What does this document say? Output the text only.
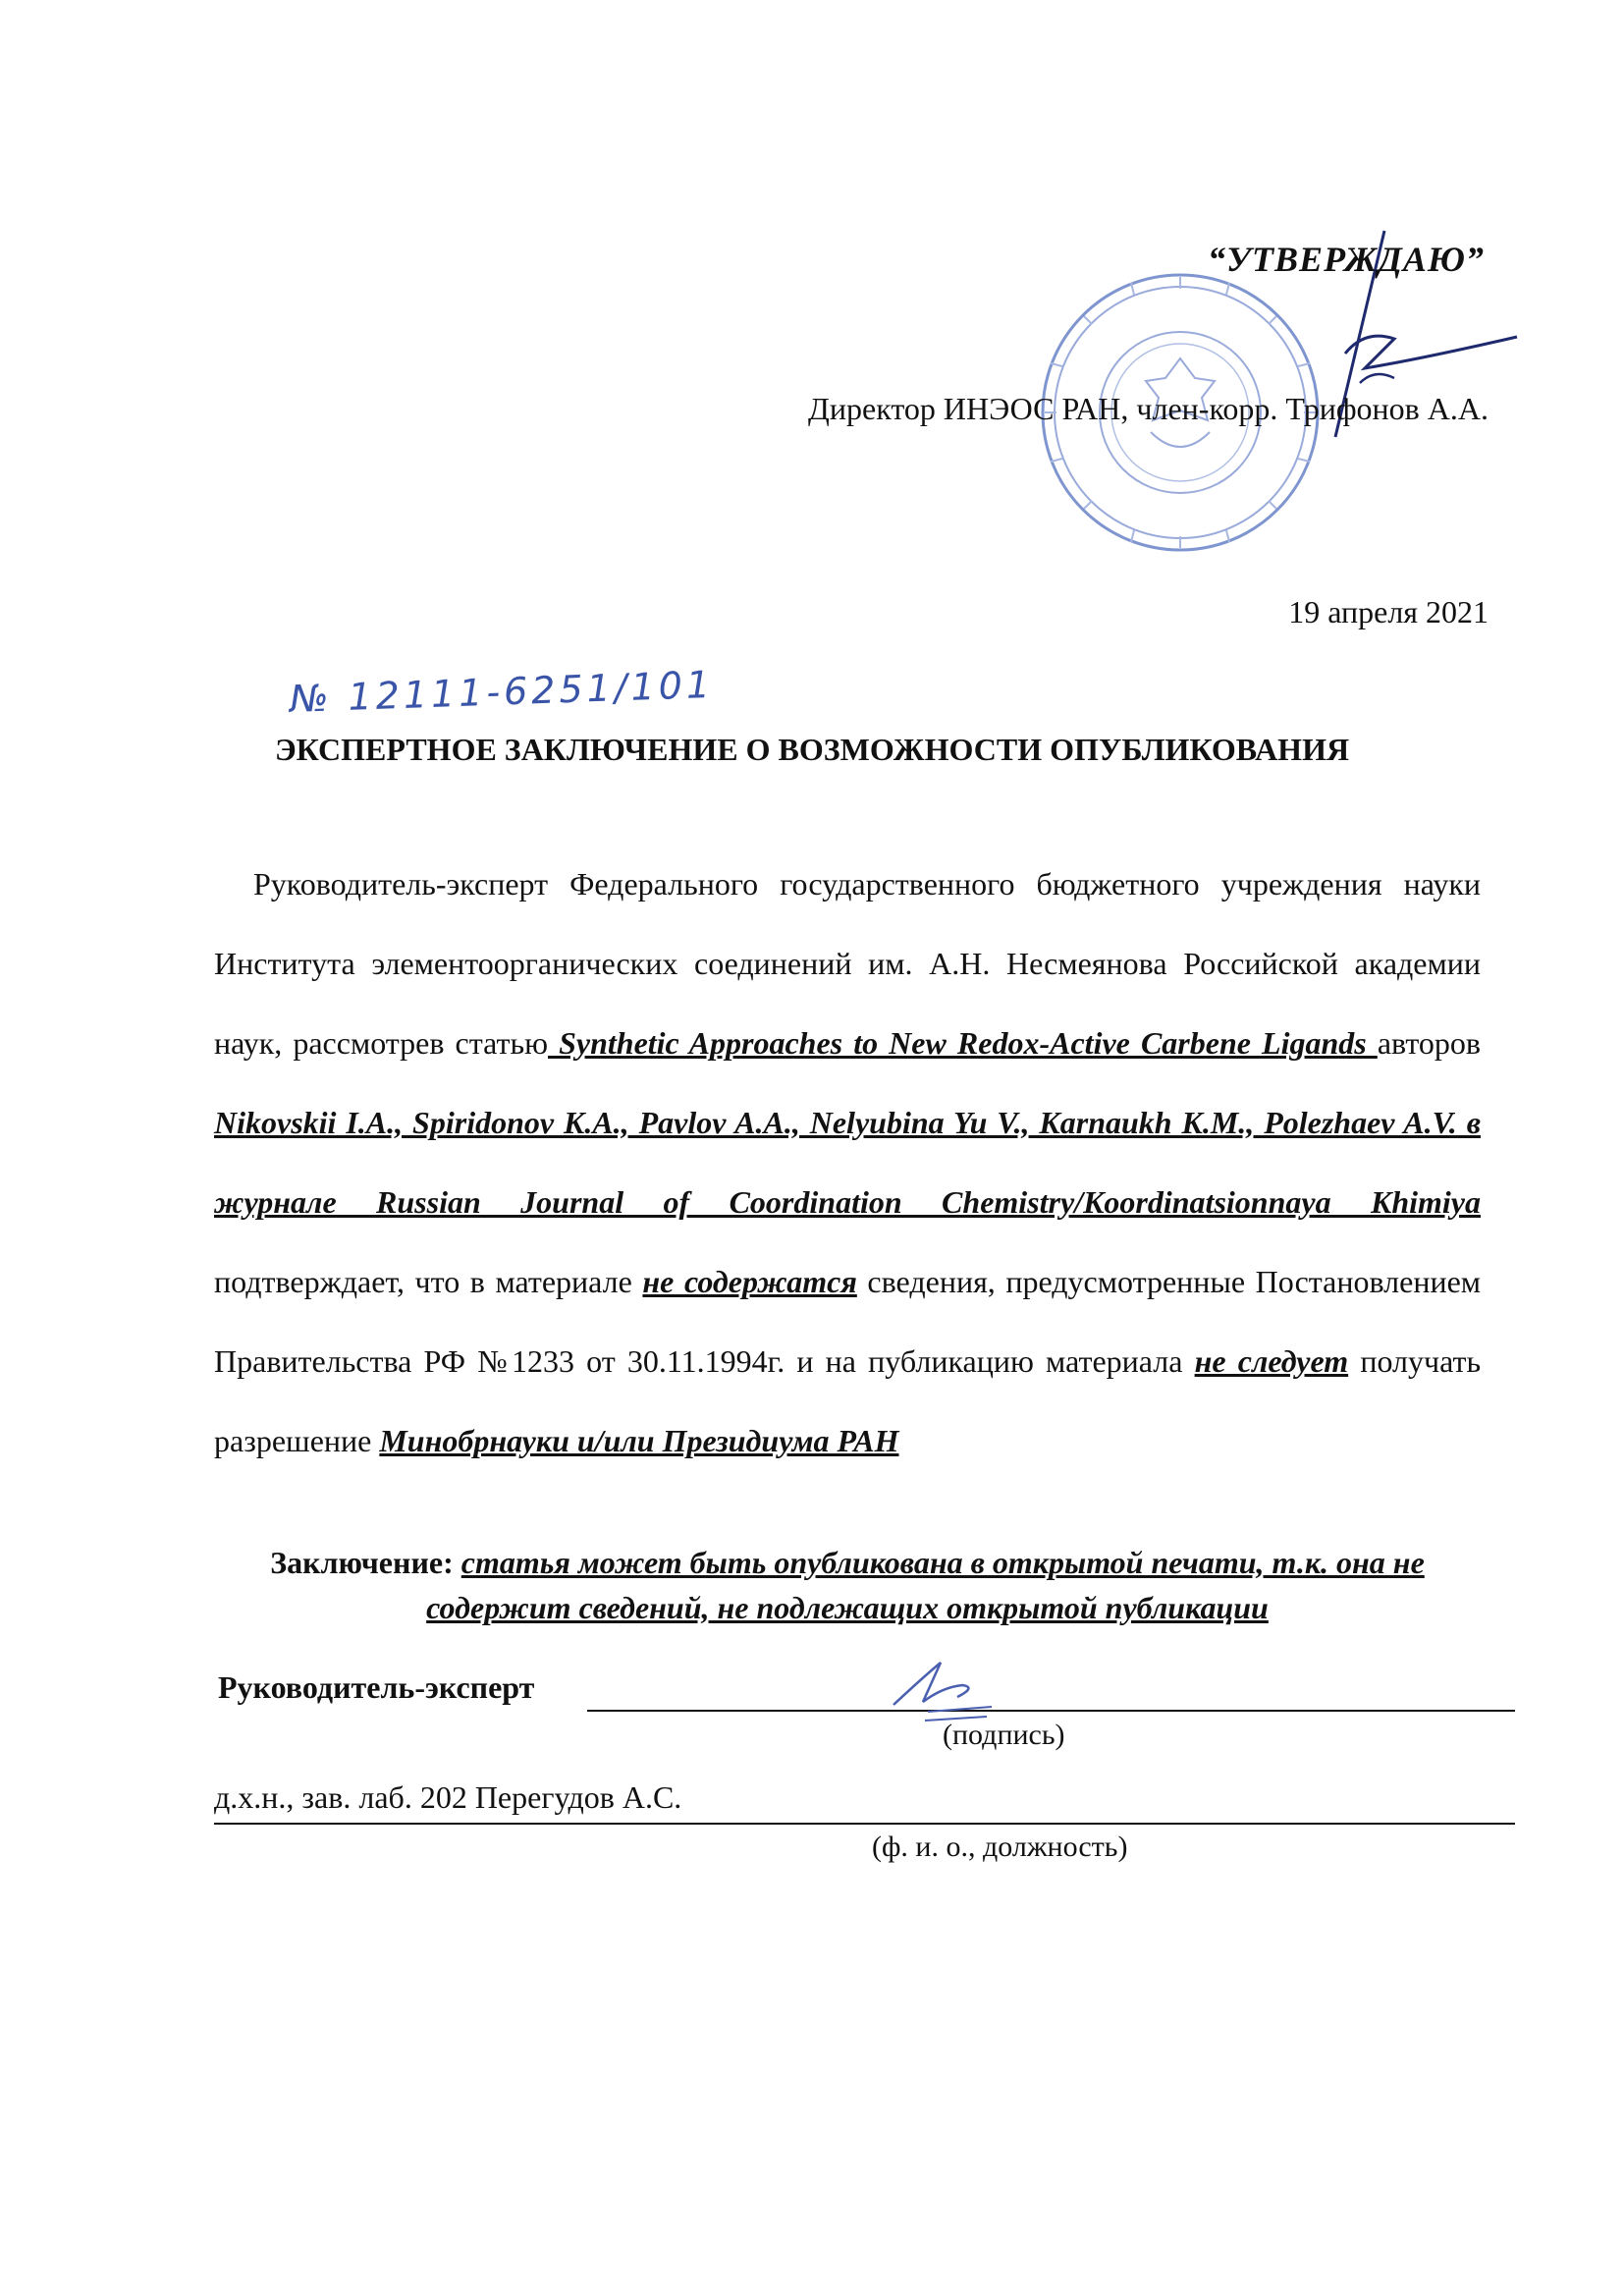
“УТВЕРЖДАЮ”
Директор ИНЭОС РАН, член-корр. Трифонов А.А.
19 апреля 2021
№ 12111-6251/101
ЭКСПЕРТНОЕ ЗАКЛЮЧЕНИЕ О ВОЗМОЖНОСТИ ОПУБЛИКОВАНИЯ
Руководитель-эксперт Федерального государственного бюджетного учреждения науки Института элементоорганических соединений им. А.Н. Несмеянова Российской академии наук, рассмотрев статью Synthetic Approaches to New Redox-Active Carbene Ligands авторов Nikovskii I.A., Spiridonov K.A., Pavlov A.A., Nelyubina Yu V., Karnaukh K.M., Polezhaev A.V. в журнале Russian Journal of Coordination Chemistry/Koordinatsionnaya Khimiya подтверждает, что в материале не содержатся сведения, предусмотренные Постановлением Правительства РФ №1233 от 30.11.1994г. и на публикацию материала не следует получать разрешение Минобрнауки и/или Президиума РАН
Заключение: статья может быть опубликована в открытой печати, т.к. она не содержит сведений, не подлежащих открытой публикации
Руководитель-эксперт
(подпись)
д.х.н., зав. лаб. 202 Перегудов А.С.
(ф. и. о., должность)
